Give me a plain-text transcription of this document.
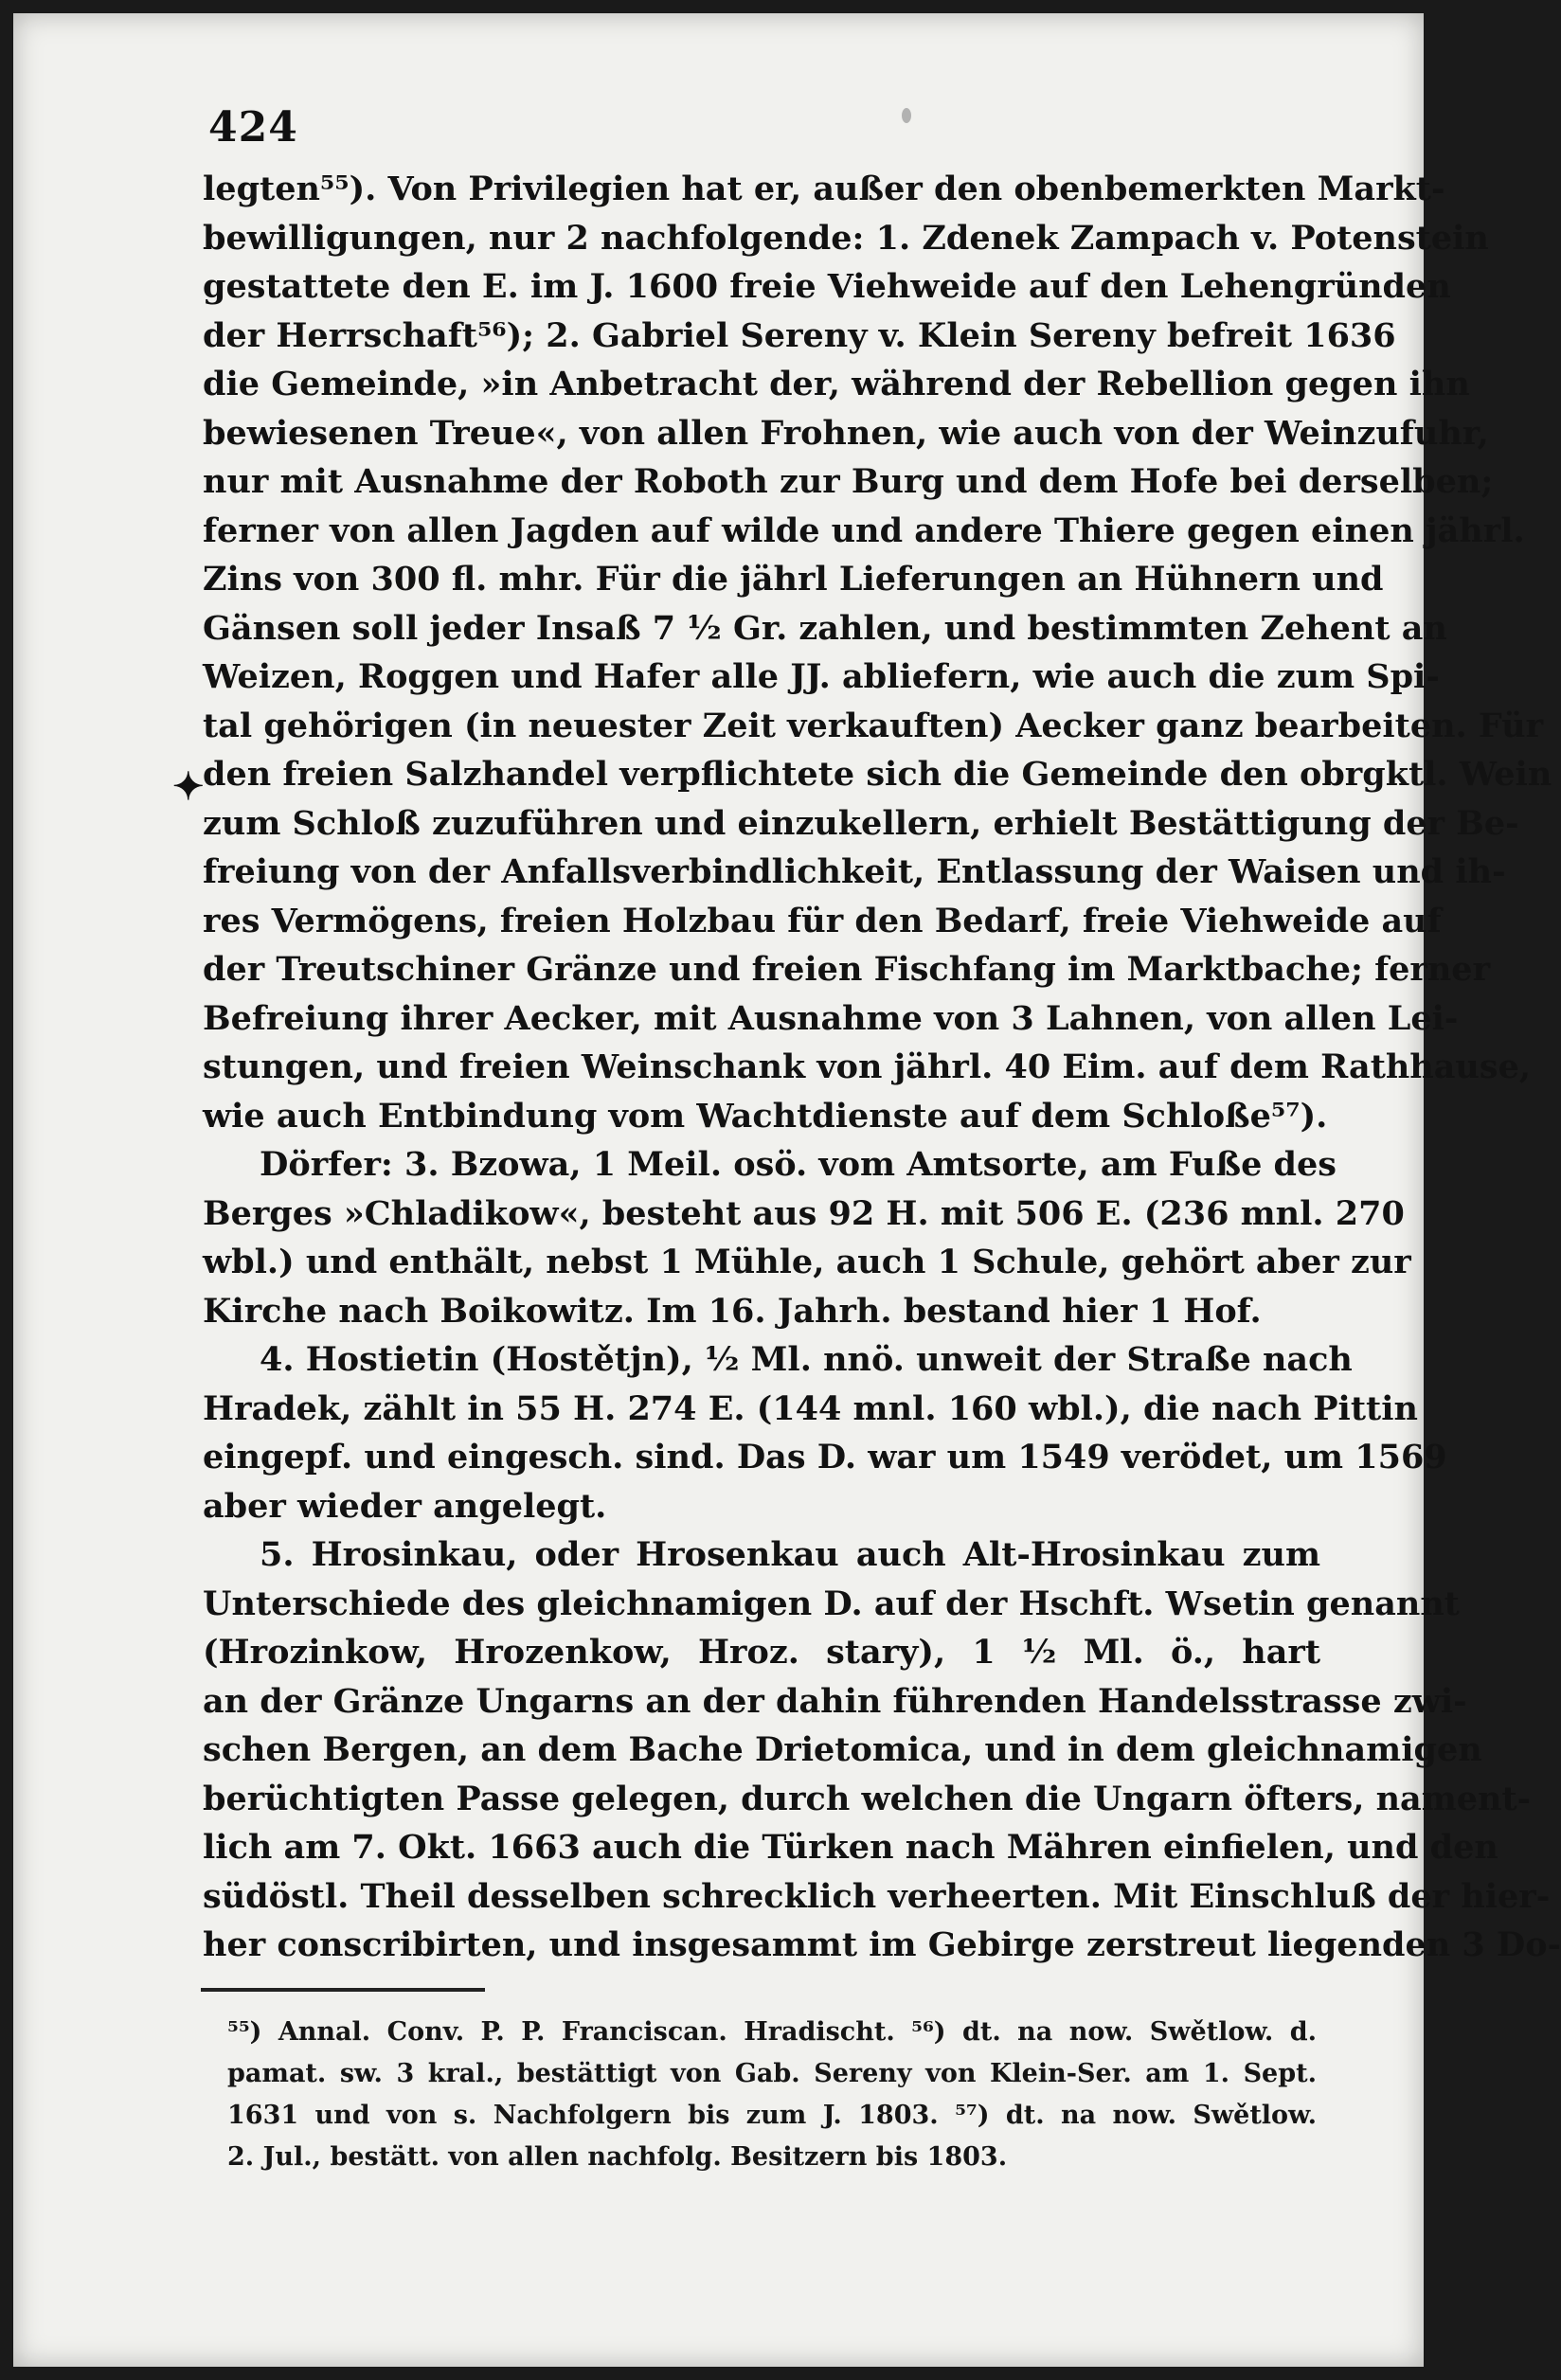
424
✦
legten⁵⁵). Von Privilegien hat er, außer den obenbemerkten Markt-
bewilligungen, nur 2 nachfolgende: 1. Zdenek Zampach v. Potenstein
gestattete den E. im J. 1600 freie Viehweide auf den Lehengründen
der Herrschaft⁵⁶); 2. Gabriel Sereny v. Klein Sereny befreit 1636
die Gemeinde, »in Anbetracht der, während der Rebellion gegen ihn
bewiesenen Treue«, von allen Frohnen, wie auch von der Weinzufuhr,
nur mit Ausnahme der Roboth zur Burg und dem Hofe bei derselben;
ferner von allen Jagden auf wilde und andere Thiere gegen einen jährl.
Zins von 300 fl. mhr. Für die jährl Lieferungen an Hühnern und
Gänsen soll jeder Insaß 7 ½ Gr. zahlen, und bestimmten Zehent an
Weizen, Roggen und Hafer alle JJ. abliefern, wie auch die zum Spi-
tal gehörigen (in neuester Zeit verkauften) Aecker ganz bearbeiten. Für
den freien Salzhandel verpflichtete sich die Gemeinde den obrgktl. Wein
zum Schloß zuzuführen und einzukellern, erhielt Bestättigung der Be-
freiung von der Anfallsverbindlichkeit, Entlassung der Waisen und ih-
res Vermögens, freien Holzbau für den Bedarf, freie Viehweide auf
der Treutschiner Gränze und freien Fischfang im Marktbache; ferner
Befreiung ihrer Aecker, mit Ausnahme von 3 Lahnen, von allen Lei-
stungen, und freien Weinschank von jährl. 40 Eim. auf dem Rathhause,
wie auch Entbindung vom Wachtdienste auf dem Schloße⁵⁷).
Dörfer: 3. Bzowa, 1 Meil. osö. vom Amtsorte, am Fuße des
Berges »Chladikow«, besteht aus 92 H. mit 506 E. (236 mnl. 270
wbl.) und enthält, nebst 1 Mühle, auch 1 Schule, gehört aber zur
Kirche nach Boikowitz. Im 16. Jahrh. bestand hier 1 Hof.
4. Hostietin (Hostětjn), ½ Ml. nnö. unweit der Straße nach
Hradek, zählt in 55 H. 274 E. (144 mnl. 160 wbl.), die nach Pittin
eingepf. und eingesch. sind. Das D. war um 1549 verödet, um 1569
aber wieder angelegt.
5. Hrosinkau, oder Hrosenkau auch Alt-Hrosinkau zum
Unterschiede des gleichnamigen D. auf der Hschft. Wsetin genannt
(Hrozinkow, Hrozenkow, Hroz. stary), 1 ½ Ml. ö., hart
an der Gränze Ungarns an der dahin führenden Handelsstrasse zwi-
schen Bergen, an dem Bache Drietomica, und in dem gleichnamigen
berüchtigten Passe gelegen, durch welchen die Ungarn öfters, nament-
lich am 7. Okt. 1663 auch die Türken nach Mähren einfielen, und den
südöstl. Theil desselben schrecklich verheerten. Mit Einschluß der hier-
her conscribirten, und insgesammt im Gebirge zerstreut liegenden 3 Do-
⁵⁵) Annal. Conv. P. P. Franciscan. Hradischt. ⁵⁶) dt. na now. Swětlow. d.
pamat. sw. 3 kral., bestättigt von Gab. Sereny von Klein-Ser. am 1. Sept.
1631 und von s. Nachfolgern bis zum J. 1803. ⁵⁷) dt. na now. Swětlow.
2. Jul., bestätt. von allen nachfolg. Besitzern bis 1803.
